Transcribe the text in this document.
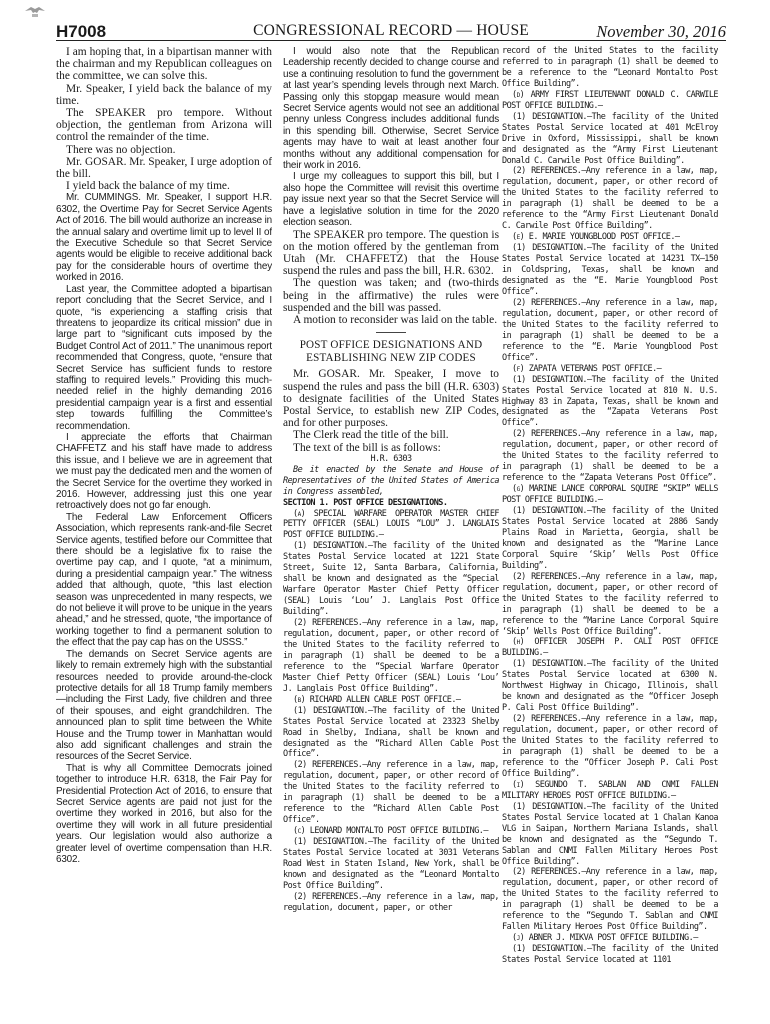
H7008	CONGRESSIONAL RECORD — HOUSE	November 30, 2016

I am hoping that, in a bipartisan manner with the chairman and my Republican colleagues on the committee, we can solve this.

Mr. Speaker, I yield back the balance of my time.

The SPEAKER pro tempore. Without objection, the gentleman from Arizona will control the remainder of the time.

There was no objection.

Mr. GOSAR. Mr. Speaker, I urge adoption of the bill.

I yield back the balance of my time.

Mr. CUMMINGS. Mr. Speaker, I support H.R. 6302, the Overtime Pay for Secret Service Agents Act of 2016. The bill would authorize an increase in the annual salary and overtime limit up to level II of the Executive Schedule so that Secret Service agents would be eligible to receive additional back pay for the considerable hours of overtime they worked in 2016.

Last year, the Committee adopted a bipartisan report concluding that the Secret Service, and I quote, “is experiencing a staffing crisis that threatens to jeopardize its critical mission” due in large part to “significant cuts imposed by the Budget Control Act of 2011.” The unanimous report recommended that Congress, quote, “ensure that Secret Service has sufficient funds to restore staffing to required levels.” Providing this much-needed relief in the highly demanding 2016 presidential campaign year is a first and essential step towards fulfilling the Committee’s recommendation.

I appreciate the efforts that Chairman CHAFFETZ and his staff have made to address this issue, and I believe we are in agreement that we must pay the dedicated men and the women of the Secret Service for the overtime they worked in 2016. However, addressing just this one year retroactively does not go far enough.

The Federal Law Enforcement Officers Association, which represents rank-and-file Secret Service agents, testified before our Committee that there should be a legislative fix to raise the overtime pay cap, and I quote, “at a minimum, during a presidential campaign year.” The witness added that although, quote, “this last election season was unprecedented in many respects, we do not believe it will prove to be unique in the years ahead,” and he stressed, quote, “the importance of working together to find a permanent solution to the effect that the pay cap has on the USSS.”

The demands on Secret Service agents are likely to remain extremely high with the substantial resources needed to provide around-the-clock protective details for all 18 Trump family members—including the First Lady, five children and three of their spouses, and eight grandchildren. The announced plan to split time between the White House and the Trump tower in Manhattan would also add significant challenges and strain the resources of the Secret Service.

That is why all Committee Democrats joined together to introduce H.R. 6318, the Fair Pay for Presidential Protection Act of 2016, to ensure that Secret Service agents are paid not just for the overtime they worked in 2016, but also for the overtime they will work in all future presidential years. Our legislation would also authorize a greater level of overtime compensation than H.R. 6302.

I would also note that the Republican Leadership recently decided to change course and use a continuing resolution to fund the government at last year’s spending levels through next March. Passing only this stopgap measure would mean Secret Service agents would not see an additional penny unless Congress includes additional funds in this spending bill. Otherwise, Secret Service agents may have to wait at least another four months without any additional compensation for their work in 2016.

I urge my colleagues to support this bill, but I also hope the Committee will revisit this overtime pay issue next year so that the Secret Service will have a legislative solution in time for the 2020 election season.

The SPEAKER pro tempore. The question is on the motion offered by the gentleman from Utah (Mr. CHAFFETZ) that the House suspend the rules and pass the bill, H.R. 6302.

The question was taken; and (two-thirds being in the affirmative) the rules were suspended and the bill was passed.

A motion to reconsider was laid on the table.

POST OFFICE DESIGNATIONS AND ESTABLISHING NEW ZIP CODES

Mr. GOSAR. Mr. Speaker, I move to suspend the rules and pass the bill (H.R. 6303) to designate facilities of the United States Postal Service, to establish new ZIP Codes, and for other purposes.

The Clerk read the title of the bill.

The text of the bill is as follows:

H.R. 6303

Be it enacted by the Senate and House of Representatives of the United States of America in Congress assembled,

SECTION 1. POST OFFICE DESIGNATIONS.

(a) SPECIAL WARFARE OPERATOR MASTER CHIEF PETTY OFFICER (SEAL) LOUIS “LOU” J. LANGLAIS POST OFFICE BUILDING.—

(1) DESIGNATION.—The facility of the United States Postal Service located at 1221 State Street, Suite 12, Santa Barbara, California, shall be known and designated as the “Special Warfare Operator Master Chief Petty Officer (SEAL) Louis ‘Lou’ J. Langlais Post Office Building”.

(2) REFERENCES.—Any reference in a law, map, regulation, document, paper, or other record of the United States to the facility referred to in paragraph (1) shall be deemed to be a reference to the “Special Warfare Operator Master Chief Petty Officer (SEAL) Louis ‘Lou’ J. Langlais Post Office Building”.

(b) RICHARD ALLEN CABLE POST OFFICE.—

(1) DESIGNATION.—The facility of the United States Postal Service located at 23323 Shelby Road in Shelby, Indiana, shall be known and designated as the “Richard Allen Cable Post Office”.

(2) REFERENCES.—Any reference in a law, map, regulation, document, paper, or other record of the United States to the facility referred to in paragraph (1) shall be deemed to be a reference to the “Richard Allen Cable Post Office”.

(c) LEONARD MONTALTO POST OFFICE BUILDING.—

(1) DESIGNATION.—The facility of the United States Postal Service located at 3031 Veterans Road West in Staten Island, New York, shall be known and designated as the “Leonard Montalto Post Office Building”.

(2) REFERENCES.—Any reference in a law, map, regulation, document, paper, or other

record of the United States to the facility referred to in paragraph (1) shall be deemed to be a reference to the “Leonard Montalto Post Office Building”.

(d) ARMY FIRST LIEUTENANT DONALD C. CARWILE POST OFFICE BUILDING.—

(1) DESIGNATION.—The facility of the United States Postal Service located at 401 McElroy Drive in Oxford, Mississippi, shall be known and designated as the “Army First Lieutenant Donald C. Carwile Post Office Building”.

(2) REFERENCES.—Any reference in a law, map, regulation, document, paper, or other record of the United States to the facility referred to in paragraph (1) shall be deemed to be a reference to the “Army First Lieutenant Donald C. Carwile Post Office Building”.

(e) E. MARIE YOUNGBLOOD POST OFFICE.—

(1) DESIGNATION.—The facility of the United States Postal Service located at 14231 TX–150 in Coldspring, Texas, shall be known and designated as the “E. Marie Youngblood Post Office”.

(2) REFERENCES.—Any reference in a law, map, regulation, document, paper, or other record of the United States to the facility referred to in paragraph (1) shall be deemed to be a reference to the “E. Marie Youngblood Post Office”.

(f) ZAPATA VETERANS POST OFFICE.—

(1) DESIGNATION.—The facility of the United States Postal Service located at 810 N. U.S. Highway 83 in Zapata, Texas, shall be known and designated as the “Zapata Veterans Post Office”.

(2) REFERENCES.—Any reference in a law, map, regulation, document, paper, or other record of the United States to the facility referred to in paragraph (1) shall be deemed to be a reference to the “Zapata Veterans Post Office”.

(g) MARINE LANCE CORPORAL SQUIRE “SKIP” WELLS POST OFFICE BUILDING.—

(1) DESIGNATION.—The facility of the United States Postal Service located at 2886 Sandy Plains Road in Marietta, Georgia, shall be known and designated as the “Marine Lance Corporal Squire ‘Skip’ Wells Post Office Building”.

(2) REFERENCES.—Any reference in a law, map, regulation, document, paper, or other record of the United States to the facility referred to in paragraph (1) shall be deemed to be a reference to the “Marine Lance Corporal Squire ‘Skip’ Wells Post Office Building”.

(h) OFFICER JOSEPH P. CALI POST OFFICE BUILDING.—

(1) DESIGNATION.—The facility of the United States Postal Service located at 6300 N. Northwest Highway in Chicago, Illinois, shall be known and designated as the “Officer Joseph P. Cali Post Office Building”.

(2) REFERENCES.—Any reference in a law, map, regulation, document, paper, or other record of the United States to the facility referred to in paragraph (1) shall be deemed to be a reference to the “Officer Joseph P. Cali Post Office Building”.

(i) SEGUNDO T. SABLAN AND CNMI FALLEN MILITARY HEROES POST OFFICE BUILDING.—

(1) DESIGNATION.—The facility of the United States Postal Service located at 1 Chalan Kanoa VLG in Saipan, Northern Mariana Islands, shall be known and designated as the “Segundo T. Sablan and CNMI Fallen Military Heroes Post Office Building”.

(2) REFERENCES.—Any reference in a law, map, regulation, document, paper, or other record of the United States to the facility referred to in paragraph (1) shall be deemed to be a reference to the “Segundo T. Sablan and CNMI Fallen Military Heroes Post Office Building”.

(j) ABNER J. MIKVA POST OFFICE BUILDING.—

(1) DESIGNATION.—The facility of the United States Postal Service located at 1101
